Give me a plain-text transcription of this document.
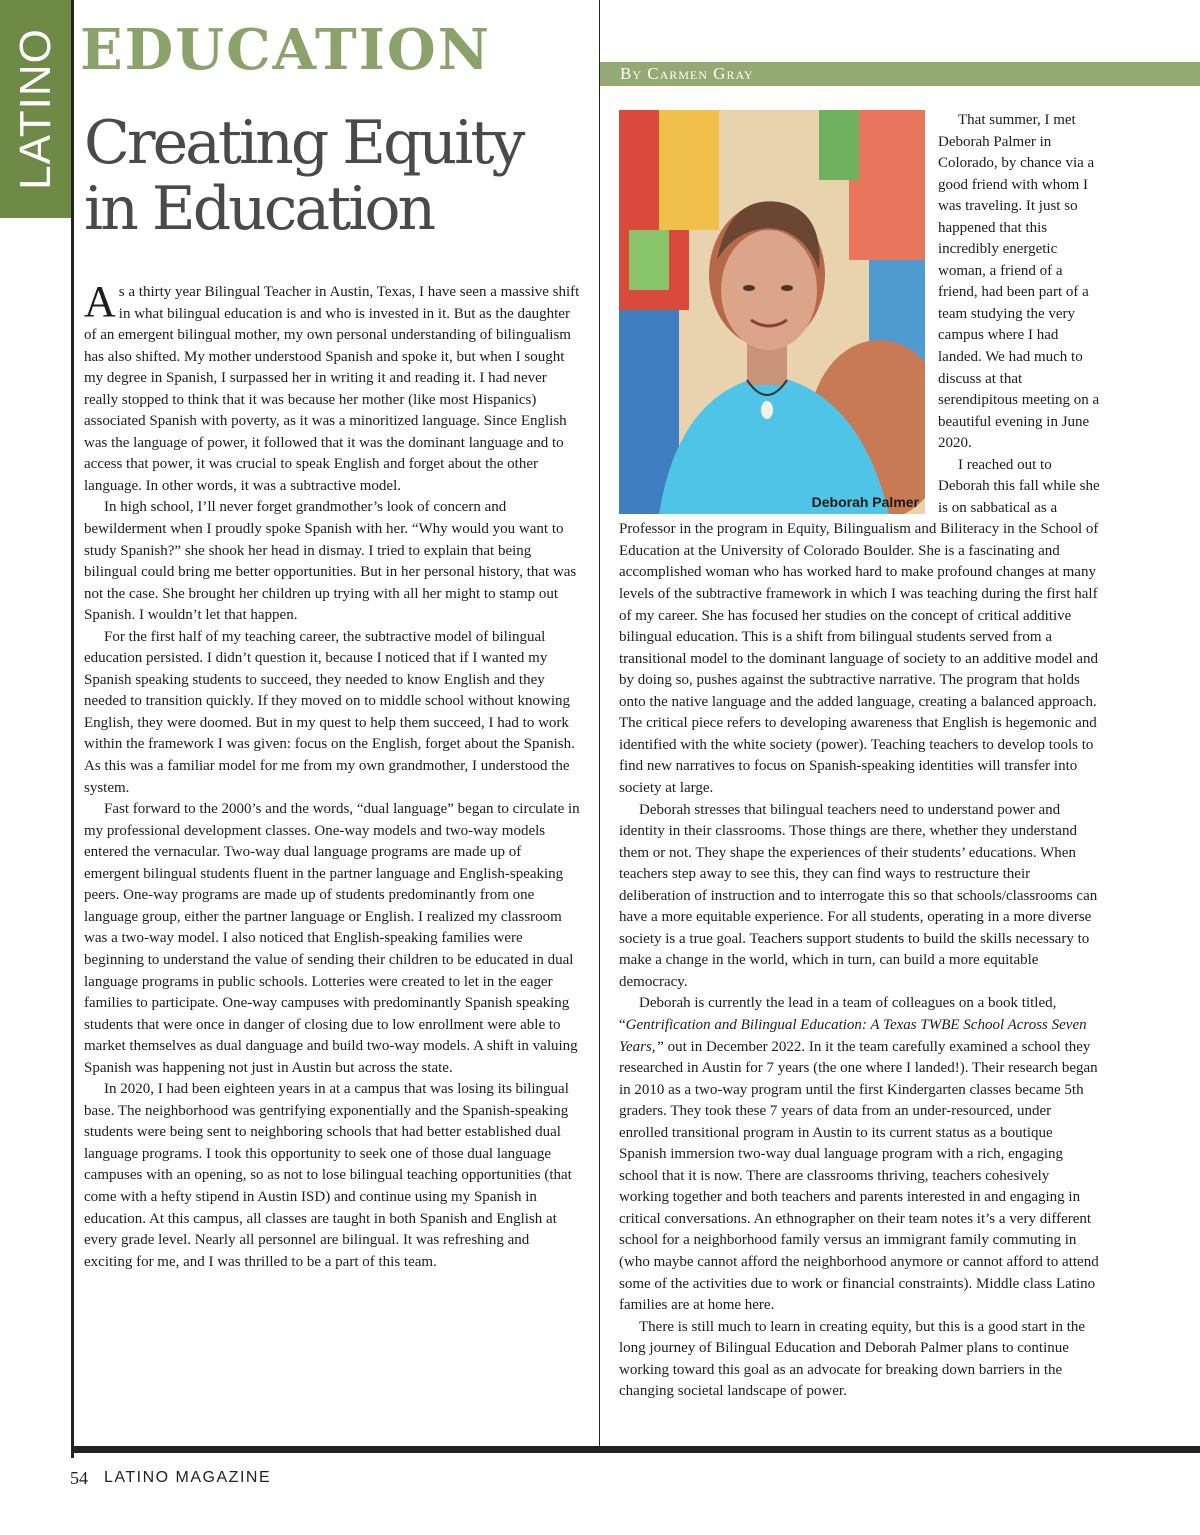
LATINO EDUCATION	By Carmen Gray
Creating Equity
in Education

As a thirty year Bilingual Teacher in Austin, Texas, I have seen a massive shift in what bilingual education is and who is invested in it. But as the daughter of an emergent bilingual mother, my own personal understanding of bilingualism has also shifted. My mother understood Spanish and spoke it, but when I sought my degree in Spanish, I surpassed her in writing it and reading it. I had never really stopped to think that it was because her mother (like most Hispanics) associated Spanish with poverty, as it was a minoritized language. Since English was the language of power, it followed that it was the dominant language and to access that power, it was crucial to speak English and forget about the other language. In other words, it was a subtractive model.

In high school, I’ll never forget grandmother’s look of concern and bewilderment when I proudly spoke Spanish with her. “Why would you want to study Spanish?” she shook her head in dismay. I tried to explain that being bilingual could bring me better opportunities. But in her personal history, that was not the case. She brought her children up trying with all her might to stamp out Spanish. I wouldn’t let that happen.

For the first half of my teaching career, the subtractive model of bilingual education persisted. I didn’t question it, because I noticed that if I wanted my Spanish speaking students to succeed, they needed to know English and they needed to transition quickly. If they moved on to middle school without knowing English, they were doomed. But in my quest to help them succeed, I had to work within the framework I was given: focus on the English, forget about the Spanish. As this was a familiar model for me from my own grandmother, I understood the system.

Fast forward to the 2000’s and the words, “dual language” began to circulate in my professional development classes. One-way models and two-way models entered the vernacular. Two-way dual language programs are made up of emergent bilingual students fluent in the partner language and English-speaking peers. One-way programs are made up of students predominantly from one language group, either the partner language or English. I realized my classroom was a two-way model. I also noticed that English-speaking families were beginning to understand the value of sending their children to be educated in dual language programs in public schools. Lotteries were created to let in the eager families to participate. One-way campuses with predominantly Spanish speaking students that were once in danger of closing due to low enrollment were able to market themselves as dual danguage and build two-way models. A shift in valuing Spanish was happening not just in Austin but across the state.

In 2020, I had been eighteen years in at a campus that was losing its bilingual base. The neighborhood was gentrifying exponentially and the Spanish-speaking students were being sent to neighboring schools that had better established dual language programs. I took this opportunity to seek one of those dual language campuses with an opening, so as not to lose bilingual teaching opportunities (that come with a hefty stipend in Austin ISD) and continue using my Spanish in education. At this campus, all classes are taught in both Spanish and English at every grade level. Nearly all personnel are bilingual. It was refreshing and exciting for me, and I was thrilled to be a part of this team.

Deborah Palmer

That summer, I met Deborah Palmer in Colorado, by chance via a good friend with whom I was traveling. It just so happened that this incredibly energetic woman, a friend of a friend, had been part of a team studying the very campus where I had landed. We had much to discuss at that serendipitous meeting on a beautiful evening in June 2020.

I reached out to Deborah this fall while she is on sabbatical as a Professor in the program in Equity, Bilingualism and Biliteracy in the School of Education at the University of Colorado Boulder. She is a fascinating and accomplished woman who has worked hard to make profound changes at many levels of the subtractive framework in which I was teaching during the first half of my career. She has focused her studies on the concept of critical additive bilingual education. This is a shift from bilingual students served from a transitional model to the dominant language of society to an additive model and by doing so, pushes against the subtractive narrative. The program that holds onto the native language and the added language, creating a balanced approach. The critical piece refers to developing awareness that English is hegemonic and identified with the white society (power). Teaching teachers to develop tools to find new narratives to focus on Spanish-speaking identities will transfer into society at large.

Deborah stresses that bilingual teachers need to understand power and identity in their classrooms. Those things are there, whether they understand them or not. They shape the experiences of their students’ educations. When teachers step away to see this, they can find ways to restructure their deliberation of instruction and to interrogate this so that schools/classrooms can have a more equitable experience. For all students, operating in a more diverse society is a true goal. Teachers support students to build the skills necessary to make a change in the world, which in turn, can build a more equitable democracy.

Deborah is currently the lead in a team of colleagues on a book titled, “Gentrification and Bilingual Education: A Texas TWBE School Across Seven Years,” out in December 2022. In it the team carefully examined a school they researched in Austin for 7 years (the one where I landed!). Their research began in 2010 as a two-way program until the first Kindergarten classes became 5th graders. They took these 7 years of data from an under-resourced, under enrolled transitional program in Austin to its current status as a boutique Spanish immersion two-way dual language program with a rich, engaging school that it is now. There are classrooms thriving, teachers cohesively working together and both teachers and parents interested in and engaging in critical conversations. An ethnographer on their team notes it’s a very different school for a neighborhood family versus an immigrant family commuting in (who maybe cannot afford the neighborhood anymore or cannot afford to attend some of the activities due to work or financial constraints). Middle class Latino families are at home here.

There is still much to learn in creating equity, but this is a good start in the long journey of Bilingual Education and Deborah Palmer plans to continue working toward this goal as an advocate for breaking down barriers in the changing societal landscape of power.

54 LATINO MAGAZINE
